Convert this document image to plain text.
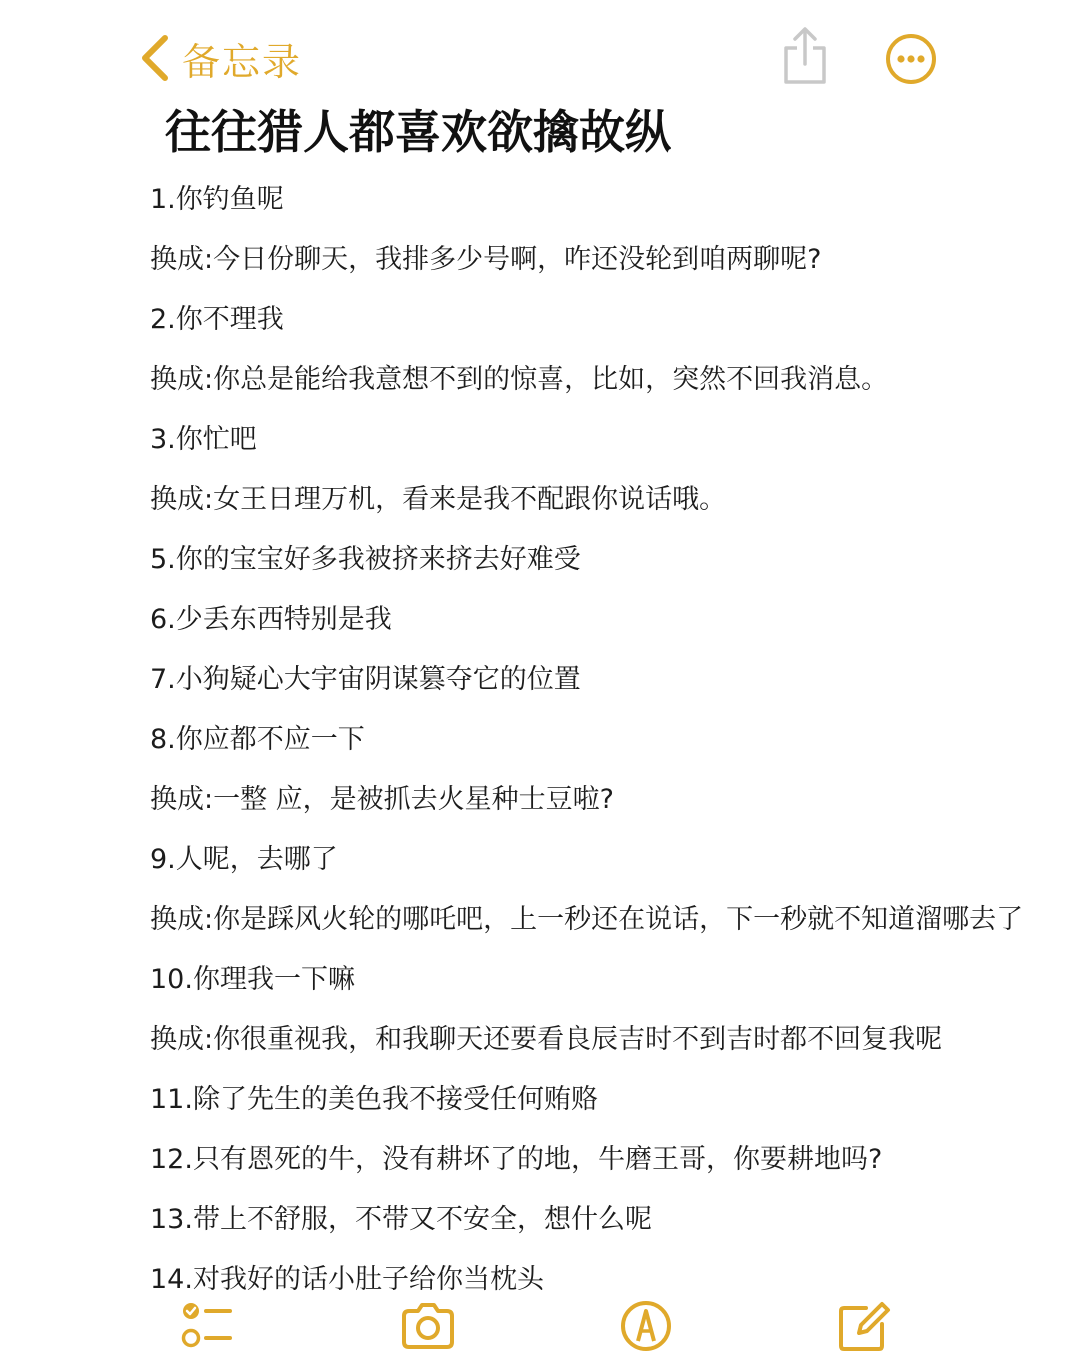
备忘录
往往猎人都喜欢欲擒故纵
1.你钓鱼呢
换成:今日份聊天，我排多少号啊，咋还没轮到咱两聊呢?
2.你不理我
换成:你总是能给我意想不到的惊喜，比如，突然不回我消息。
3.你忙吧
换成:女王日理万机，看来是我不配跟你说话哦。
5.你的宝宝好多我被挤来挤去好难受
6.少丢东西特别是我
7.小狗疑心大宇宙阴谋篡夺它的位置
8.你应都不应一下
换成:一整 应，是被抓去火星种士豆啦?
9.人呢，去哪了
换成:你是踩风火轮的哪吒吧，上一秒还在说话，下一秒就不知道溜哪去了
10.你理我一下嘛
换成:你很重视我，和我聊天还要看良辰吉时不到吉时都不回复我呢
11.除了先生的美色我不接受任何贿赂
12.只有恩死的牛，没有耕坏了的地，牛磨王哥，你要耕地吗?
13.带上不舒服，不带又不安全，想什么呢
14.对我好的话小肚子给你当枕头
